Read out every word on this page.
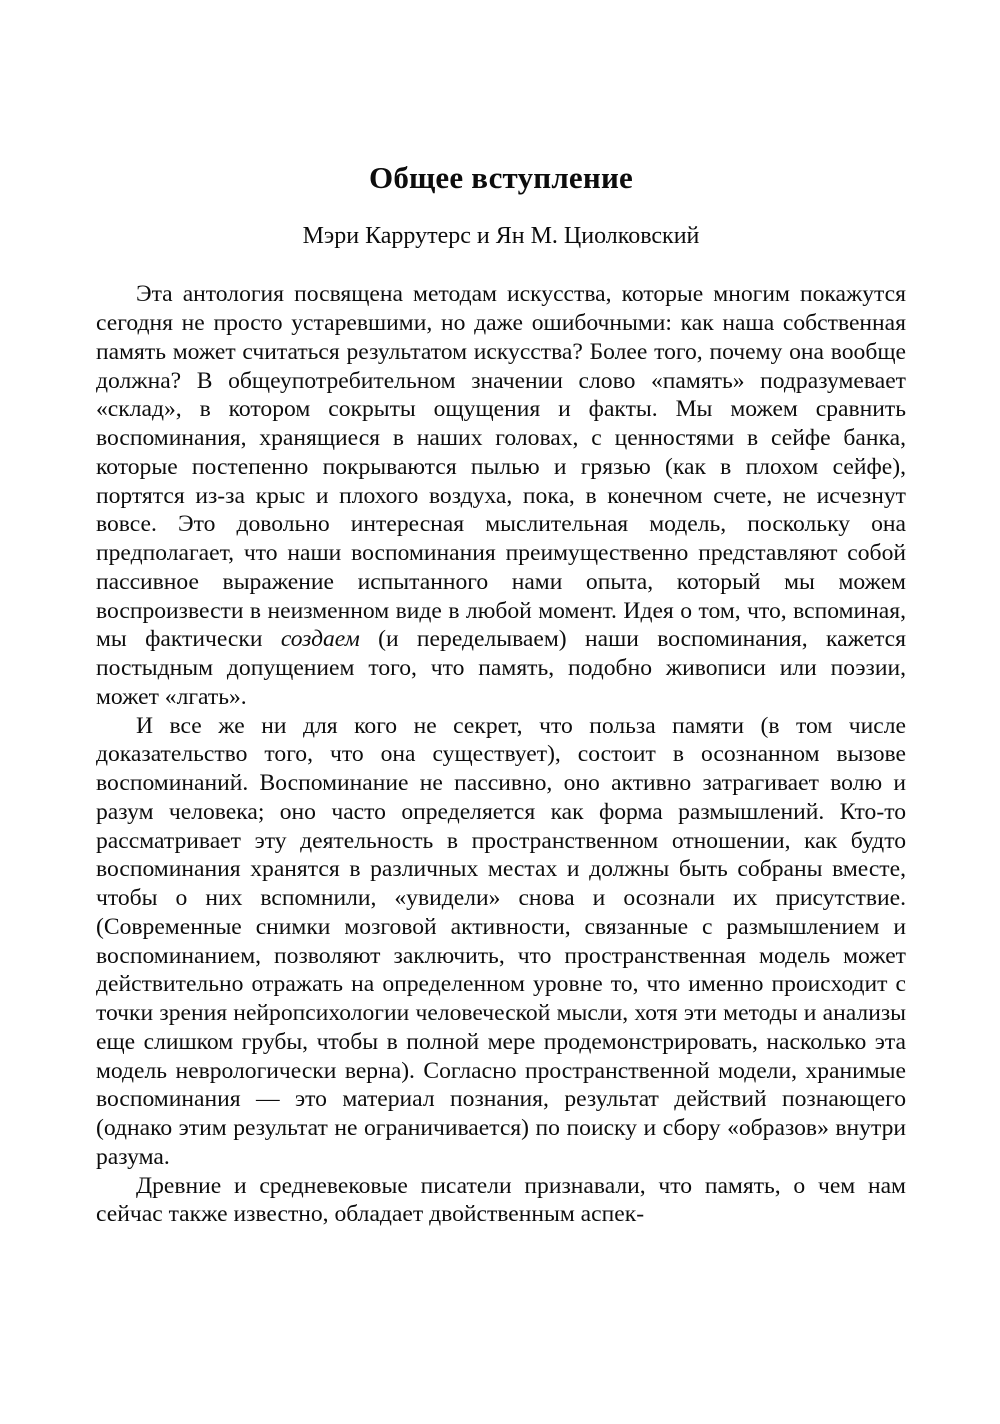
Общее вступление

Мэри Каррутерс и Ян М. Циолковский

Эта антология посвящена методам искусства, которые многим покажутся сегодня не просто устаревшими, но даже ошибочными: как наша собственная память может считаться результатом искусства? Более того, почему она вообще должна? В общеупотребительном значении слово «память» подразумевает «склад», в котором сокрыты ощущения и факты. Мы можем сравнить воспоминания, хранящиеся в наших головах, с ценностями в сейфе банка, которые постепенно покрываются пылью и грязью (как в плохом сейфе), портятся из-за крыс и плохого воздуха, пока, в конечном счете, не исчезнут вовсе. Это довольно интересная мыслительная модель, поскольку она предполагает, что наши воспоминания преимущественно представляют собой пассивное выражение испытанного нами опыта, который мы можем воспроизвести в неизменном виде в любой момент. Идея о том, что, вспоминая, мы фактически создаем (и переделываем) наши воспоминания, кажется постыдным допущением того, что память, подобно живописи или поэзии, может «лгать».

И все же ни для кого не секрет, что польза памяти (в том числе доказательство того, что она существует), состоит в осознанном вызове воспоминаний. Воспоминание не пассивно, оно активно затрагивает волю и разум человека; оно часто определяется как форма размышлений. Кто-то рассматривает эту деятельность в пространственном отношении, как будто воспоминания хранятся в различных местах и должны быть собраны вместе, чтобы о них вспомнили, «увидели» снова и осознали их присутствие. (Современные снимки мозговой активности, связанные с размышлением и воспоминанием, позволяют заключить, что пространственная модель может действительно отражать на определенном уровне то, что именно происходит с точки зрения нейропсихологии человеческой мысли, хотя эти методы и анализы еще слишком грубы, чтобы в полной мере продемонстрировать, насколько эта модель неврологически верна). Согласно пространственной модели, хранимые воспоминания — это материал познания, результат действий познающего (однако этим результат не ограничивается) по поиску и сбору «образов» внутри разума.

Древние и средневековые писатели признавали, что память, о чем нам сейчас также известно, обладает двойственным аспек-
